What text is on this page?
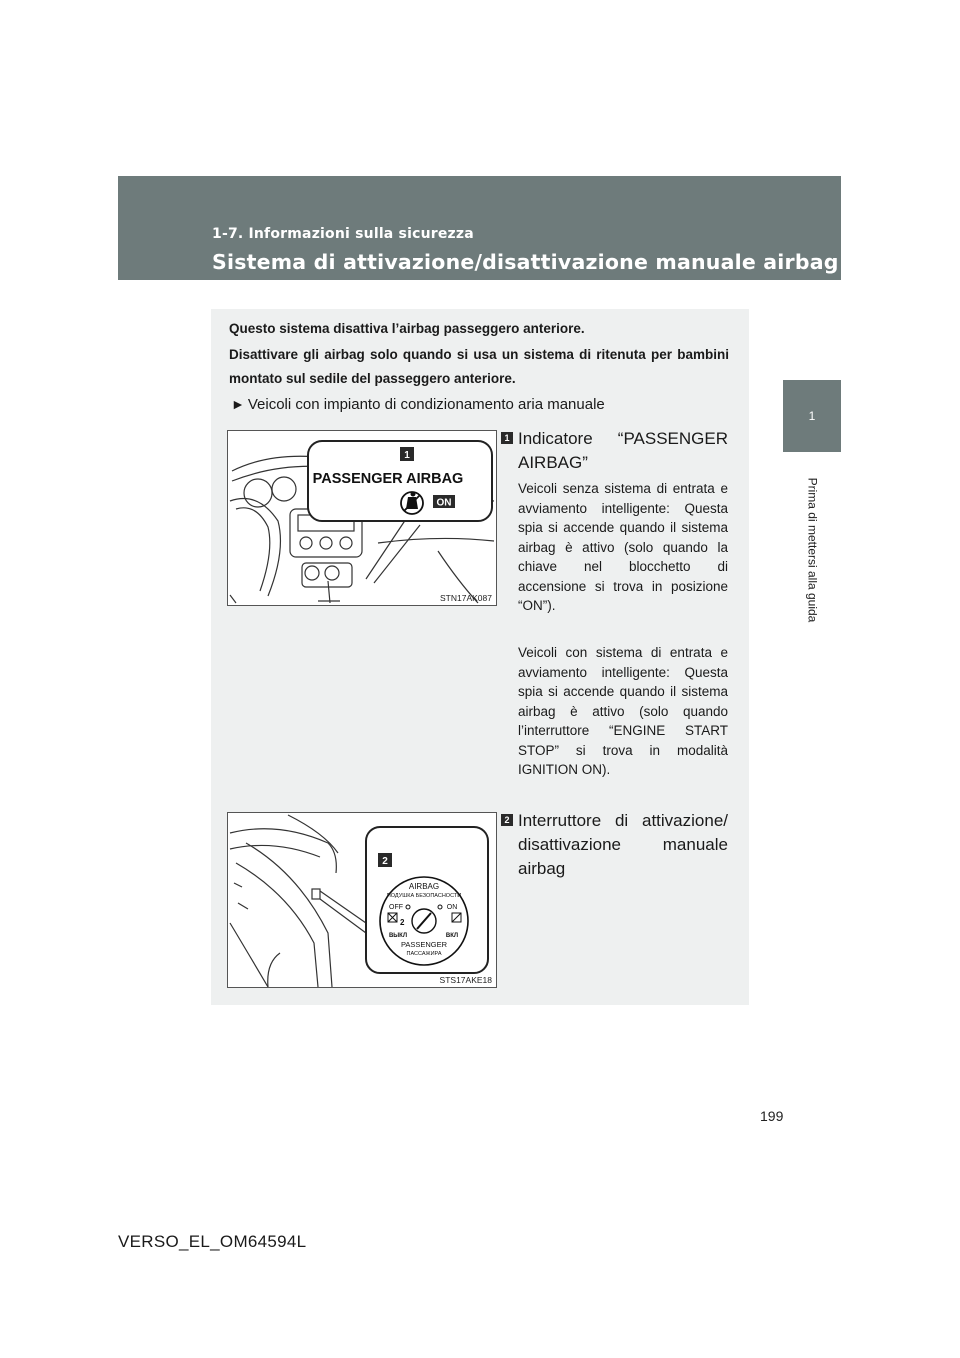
1-7. Informazioni sulla sicurezza
Sistema di attivazione/disattivazione manuale airbag
1
Prima di mettersi alla guida

Questo sistema disattiva l’airbag passeggero anteriore.

Disattivare gli airbag solo quando si usa un sistema di ritenuta per bambini montato sul sedile del passeggero anteriore.

► Veicoli con impianto di condizionamento aria manuale
1
PASSENGER AIRBAG
ON
STN17AK087
1 Indicatore “PASSENGER AIRBAG”

Veicoli senza sistema di entrata e avviamento intelligente: Questa spia si accende quando il sistema airbag è attivo (solo quando la chiave nel blocchetto di accensione si trova in posizione “ON”).

Veicoli con sistema di entrata e avviamento intelligente: Questa spia si accende quando il sistema airbag è attivo (solo quando l’interruttore “ENGINE START STOP” si trova in modalità IGNITION ON).

2
AIRBAG
ПОДУШКА БЕЗОПАСНОСТИ
OFF	ON
2
ВЫКЛ	ВКЛ
PASSENGER
ПАССАЖИРА
STS17AKE18
2 Interruttore di attivazione/ disattivazione manuale airbag
199
VERSO_EL_OM64594L
